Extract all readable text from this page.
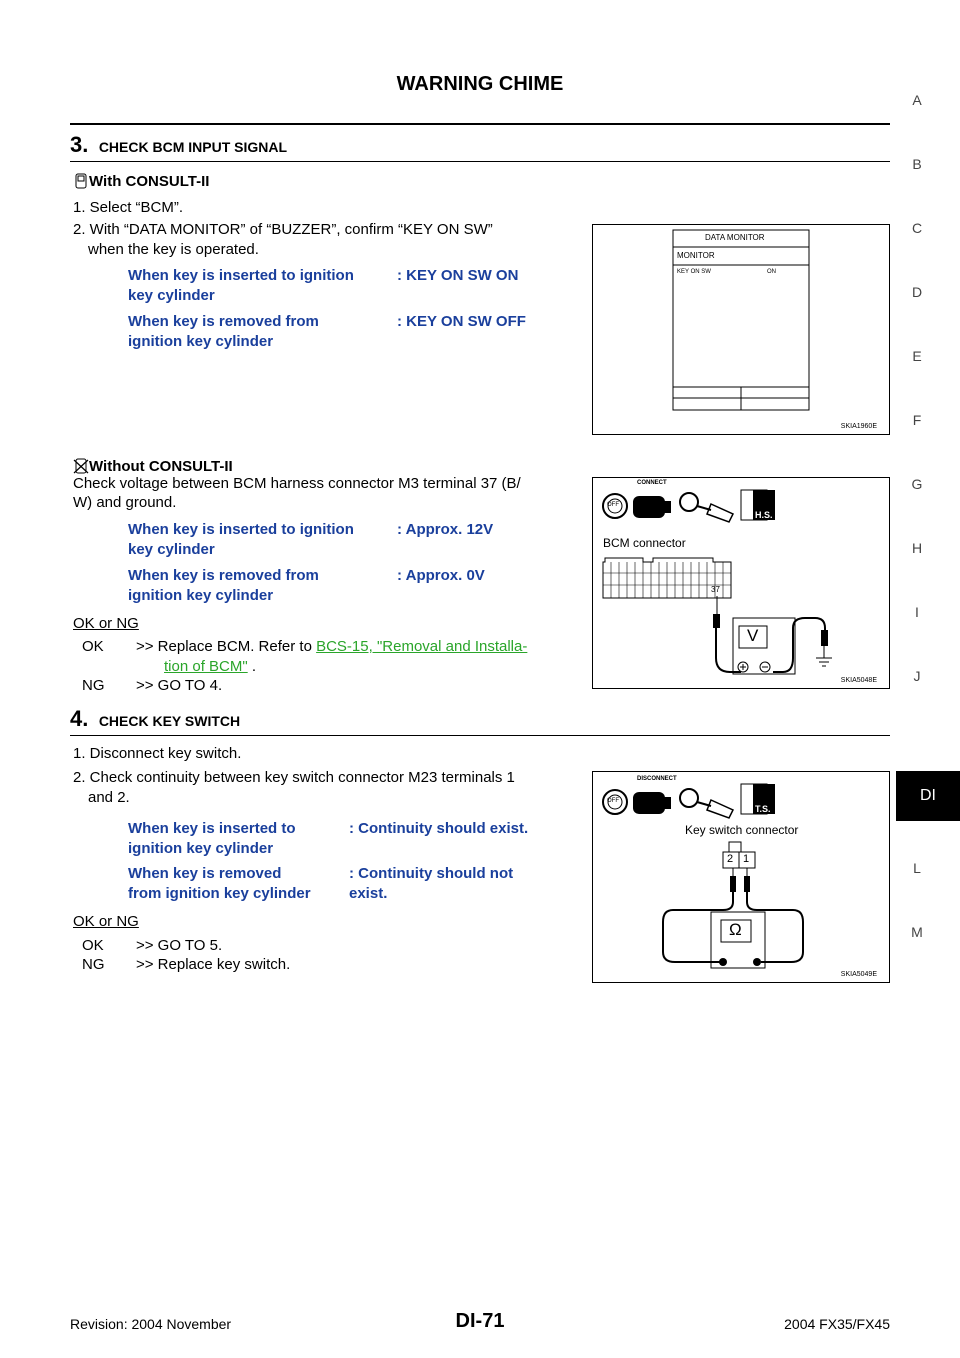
WARNING CHIME
A
B
C
D
E
F
G
H
I
J
DI
L
M
3. CHECK BCM INPUT SIGNAL
With CONSULT-II
1. Select “BCM”.
2. With “DATA MONITOR” of “BUZZER”, confirm “KEY ON SW”
when the key is operated.
When key is inserted to ignition
key cylinder
: KEY ON SW ON
When key is removed from
ignition key cylinder
: KEY ON SW OFF
DATA MONITOR
MONITOR
KEY ON SW	ON
SKIA1960E
Without CONSULT-II
Check voltage between BCM harness connector M3 terminal 37 (B/
W) and ground.
When key is inserted to ignition
key cylinder
: Approx. 12V
When key is removed from
ignition key cylinder
: Approx. 0V
OK or NG
OK >> Replace BCM. Refer to BCS-15, "Removal and Installa-
tion of BCM" .
NG >> GO TO 4.
CONNECT
OFF
H.S.
BCM connector
37
V
SKIA5048E
4. CHECK KEY SWITCH
1. Disconnect key switch.
2. Check continuity between key switch connector M23 terminals 1
and 2.
When key is inserted to
ignition key cylinder
: Continuity should exist.
When key is removed
from ignition key cylinder
: Continuity should not
exist.
OK or NG
OK >> GO TO 5.
NG >> Replace key switch.
DISCONNECT
OFF
T.S.
Key switch connector
2 1
Ω
SKIA5049E
Revision: 2004 November	DI-71	2004 FX35/FX45
